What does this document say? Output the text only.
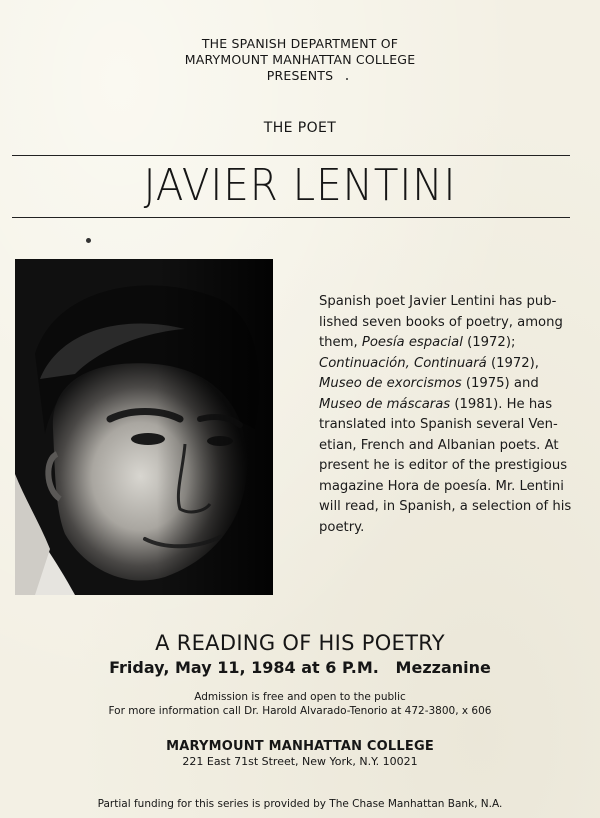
THE SPANISH DEPARTMENT OF
MARYMOUNT MANHATTAN COLLEGE
PRESENTS
THE POET
JAVIER LENTINI
Spanish poet Javier Lentini has pub-
lished seven books of poetry, among
them, Poesía espacial (1972);
Continuación, Continuará (1972),
Museo de exorcismos (1975) and
Museo de máscaras (1981). He has
translated into Spanish several Ven-
etian, French and Albanian poets. At
present he is editor of the prestigious
magazine Hora de poesía. Mr. Lentini
will read, in Spanish, a selection of his
poetry.
A READING OF HIS POETRY
Friday, May 11, 1984 at 6 P.M. Mezzanine
Admission is free and open to the public
For more information call Dr. Harold Alvarado-Tenorio at 472-3800, x 606
MARYMOUNT MANHATTAN COLLEGE
221 East 71st Street, New York, N.Y. 10021
Partial funding for this series is provided by The Chase Manhattan Bank, N.A.
